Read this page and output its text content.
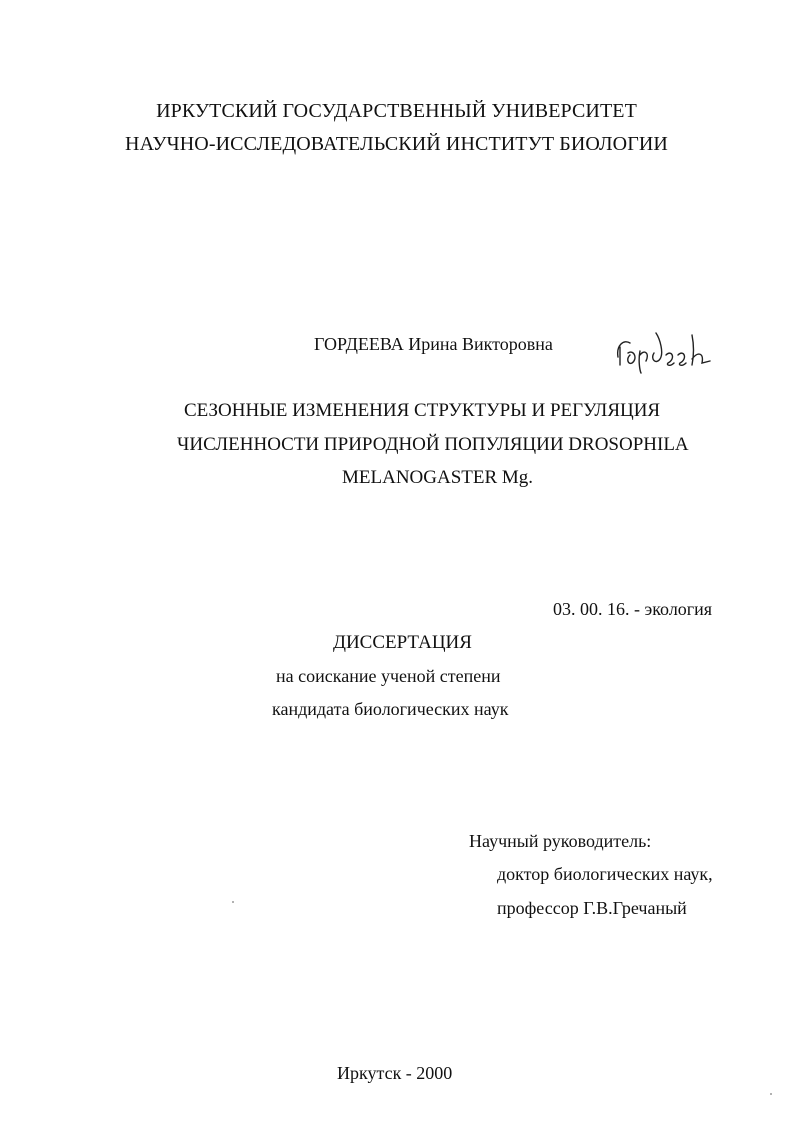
ИРКУТСКИЙ ГОСУДАРСТВЕННЫЙ УНИВЕРСИТЕТ
НАУЧНО-ИССЛЕДОВАТЕЛЬСКИЙ ИНСТИТУТ БИОЛОГИИ
ГОРДЕЕВА Ирина Викторовна
СЕЗОННЫЕ ИЗМЕНЕНИЯ СТРУКТУРЫ И РЕГУЛЯЦИЯ
ЧИСЛЕННОСТИ ПРИРОДНОЙ ПОПУЛЯЦИИ DROSOPHILA
MELANOGASTER Mg.
03. 00. 16. - экология
ДИССЕРТАЦИЯ
на соискание ученой степени
кандидата биологических наук
Научный руководитель:
доктор биологических наук,
профессор Г.В.Гречаный
Иркутск - 2000
